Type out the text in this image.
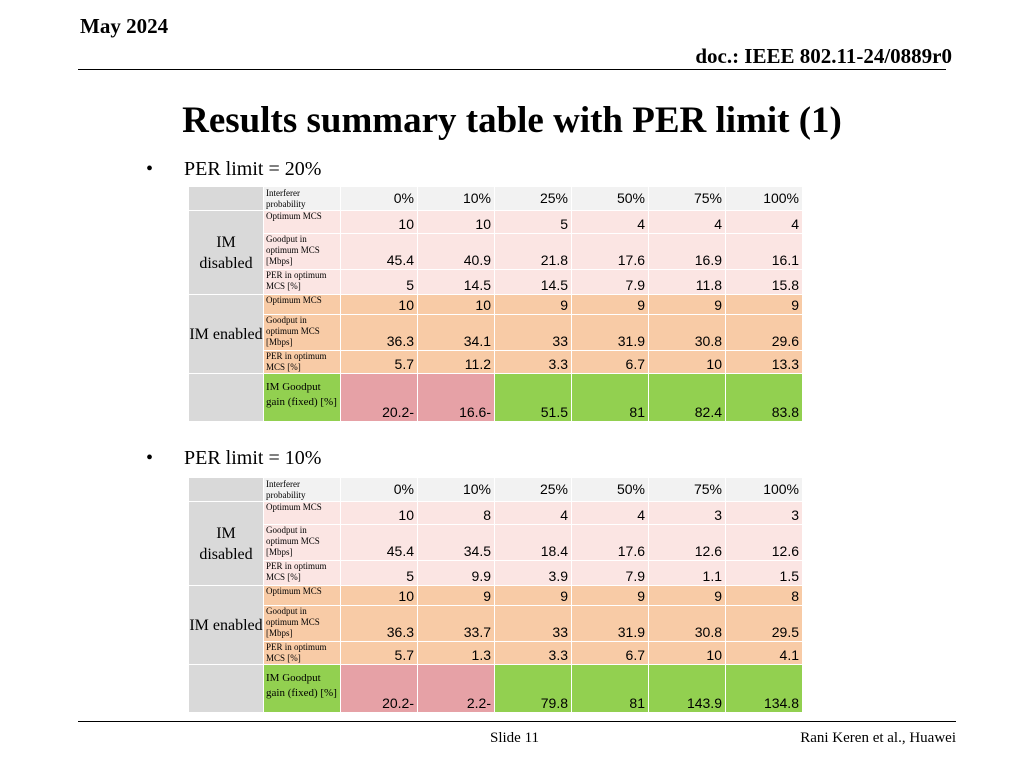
May 2024
doc.: IEEE 802.11-24/0889r0
Results summary table with PER limit (1)
• PER limit = 20%
	Interferer probability	0%	10%	25%	50%	75%	100%
IM disabled	Optimum MCS	10	10	5	4	4	4
	Goodput in optimum MCS [Mbps]	45.4	40.9	21.8	17.6	16.9	16.1
	PER in optimum MCS [%]	5	14.5	14.5	7.9	11.8	15.8
IM enabled	Optimum MCS	10	10	9	9	9	9
	Goodput in optimum MCS [Mbps]	36.3	34.1	33	31.9	30.8	29.6
	PER in optimum MCS [%]	5.7	11.2	3.3	6.7	10	13.3
	IM Goodput gain (fixed) [%]	20.2-	16.6-	51.5	81	82.4	83.8
• PER limit = 10%
	Interferer probability	0%	10%	25%	50%	75%	100%
IM disabled	Optimum MCS	10	8	4	4	3	3
	Goodput in optimum MCS [Mbps]	45.4	34.5	18.4	17.6	12.6	12.6
	PER in optimum MCS [%]	5	9.9	3.9	7.9	1.1	1.5
IM enabled	Optimum MCS	10	9	9	9	9	8
	Goodput in optimum MCS [Mbps]	36.3	33.7	33	31.9	30.8	29.5
	PER in optimum MCS [%]	5.7	1.3	3.3	6.7	10	4.1
	IM Goodput gain (fixed) [%]	20.2-	2.2-	79.8	81	143.9	134.8
Slide 11	Rani Keren et al., Huawei
